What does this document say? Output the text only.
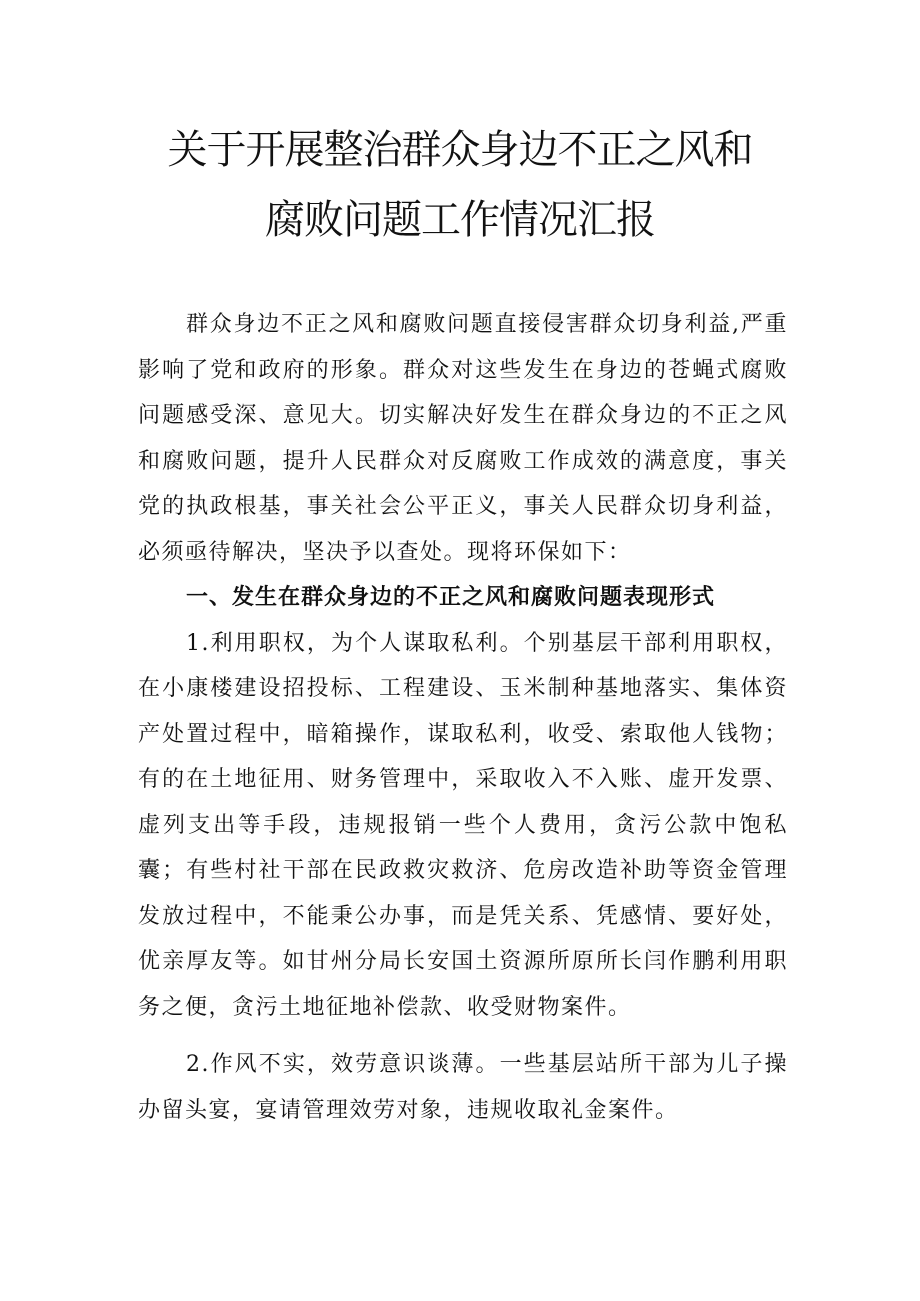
关于开展整治群众身边不正之风和
腐败问题工作情况汇报

群众身边不正之风和腐败问题直接侵害群众切身利益,严重影响了党和政府的形象。群众对这些发生在身边的苍蝇式腐败问题感受深、意见大。切实解决好发生在群众身边的不正之风和腐败问题，提升人民群众对反腐败工作成效的满意度，事关党的执政根基，事关社会公平正义，事关人民群众切身利益，必须亟待解决，坚决予以查处。现将环保如下：

一、发生在群众身边的不正之风和腐败问题表现形式

1.利用职权，为个人谋取私利。个别基层干部利用职权，在小康楼建设招投标、工程建设、玉米制种基地落实、集体资产处置过程中，暗箱操作，谋取私利，收受、索取他人钱物；有的在土地征用、财务管理中，采取收入不入账、虚开发票、虚列支出等手段，违规报销一些个人费用，贪污公款中饱私囊；有些村社干部在民政救灾救济、危房改造补助等资金管理发放过程中，不能秉公办事，而是凭关系、凭感情、要好处，优亲厚友等。如甘州分局长安国土资源所原所长闫作鹏利用职务之便，贪污土地征地补偿款、收受财物案件。

2.作风不实，效劳意识谈薄。一些基层站所干部为儿子操办留头宴，宴请管理效劳对象，违规收取礼金案件。
